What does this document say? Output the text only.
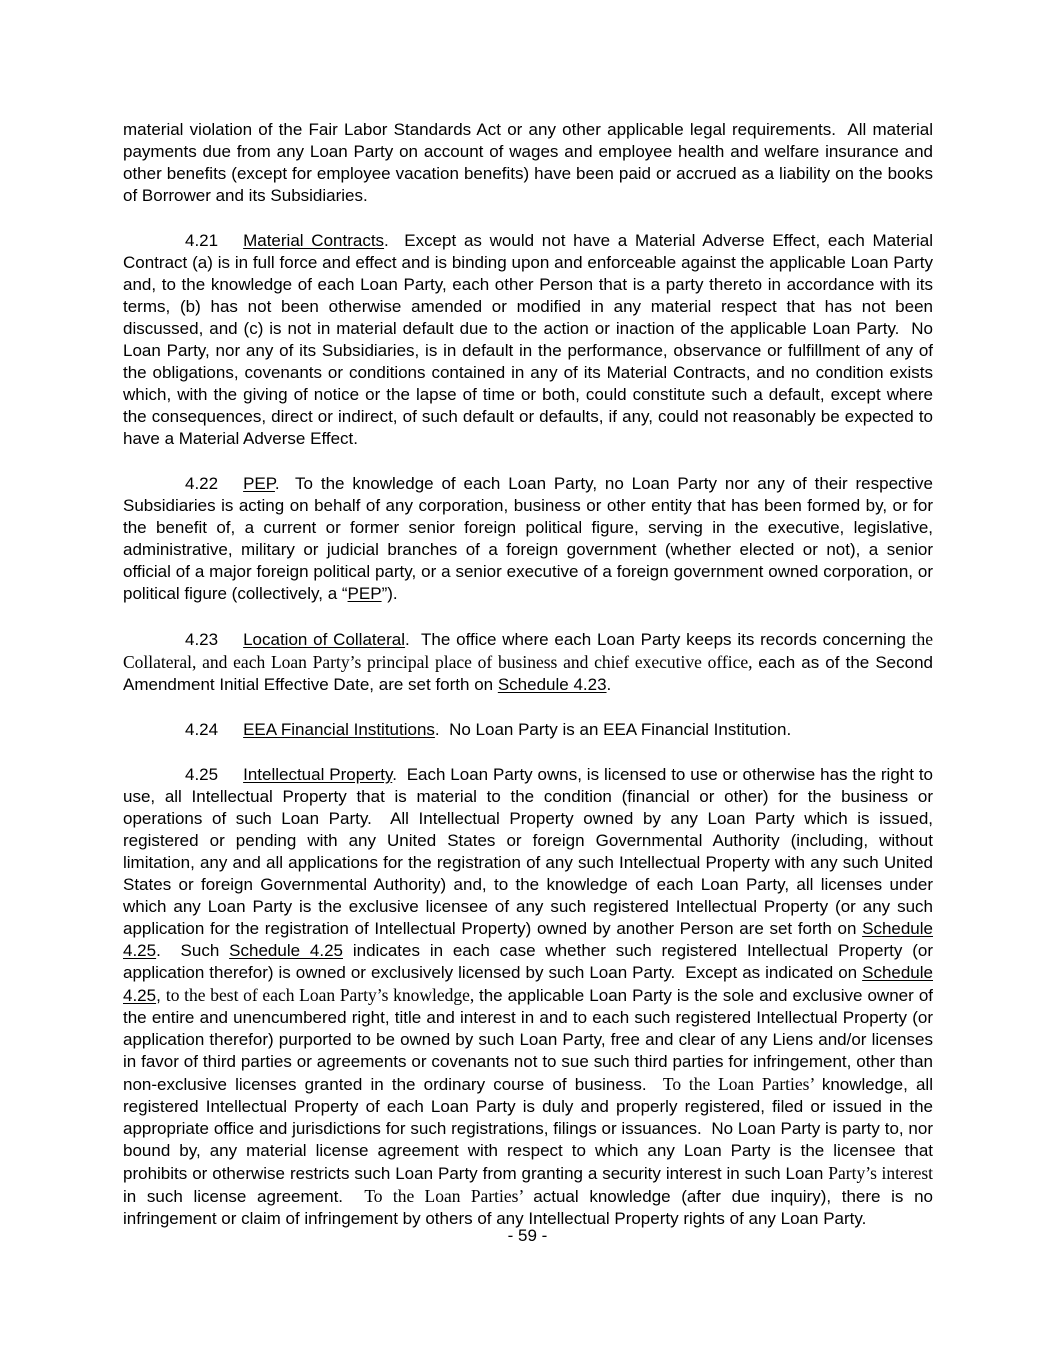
material violation of the Fair Labor Standards Act or any other applicable legal requirements.  All material payments due from any Loan Party on account of wages and employee health and welfare insurance and other benefits (except for employee vacation benefits) have been paid or accrued as a liability on the books of Borrower and its Subsidiaries.

4.21 Material Contracts.  Except as would not have a Material Adverse Effect, each Material Contract (a) is in full force and effect and is binding upon and enforceable against the applicable Loan Party and, to the knowledge of each Loan Party, each other Person that is a party thereto in accordance with its terms, (b) has not been otherwise amended or modified in any material respect that has not been discussed, and (c) is not in material default due to the action or inaction of the applicable Loan Party.  No Loan Party, nor any of its Subsidiaries, is in default in the performance, observance or fulfillment of any of the obligations, covenants or conditions contained in any of its Material Contracts, and no condition exists which, with the giving of notice or the lapse of time or both, could constitute such a default, except where the consequences, direct or indirect, of such default or defaults, if any, could not reasonably be expected to have a Material Adverse Effect.

4.22 PEP.  To the knowledge of each Loan Party, no Loan Party nor any of their respective Subsidiaries is acting on behalf of any corporation, business or other entity that has been formed by, or for the benefit of, a current or former senior foreign political figure, serving in the executive, legislative, administrative, military or judicial branches of a foreign government (whether elected or not), a senior official of a major foreign political party, or a senior executive of a foreign government owned corporation, or political figure (collectively, a “PEP”).

4.23 Location of Collateral.  The office where each Loan Party keeps its records concerning the Collateral, and each Loan Party’s principal place of business and chief executive office, each as of the Second Amendment Initial Effective Date, are set forth on Schedule 4.23.

4.24 EEA Financial Institutions.  No Loan Party is an EEA Financial Institution.

4.25 Intellectual Property.  Each Loan Party owns, is licensed to use or otherwise has the right to use, all Intellectual Property that is material to the condition (financial or other) for the business or operations of such Loan Party.  All Intellectual Property owned by any Loan Party which is issued, registered or pending with any United States or foreign Governmental Authority (including, without limitation, any and all applications for the registration of any such Intellectual Property with any such United States or foreign Governmental Authority) and, to the knowledge of each Loan Party, all licenses under which any Loan Party is the exclusive licensee of any such registered Intellectual Property (or any such application for the registration of Intellectual Property) owned by another Person are set forth on Schedule 4.25.  Such Schedule 4.25 indicates in each case whether such registered Intellectual Property (or application therefor) is owned or exclusively licensed by such Loan Party.  Except as indicated on Schedule 4.25, to the best of each Loan Party’s knowledge, the applicable Loan Party is the sole and exclusive owner of the entire and unencumbered right, title and interest in and to each such registered Intellectual Property (or application therefor) purported to be owned by such Loan Party, free and clear of any Liens and/or licenses in favor of third parties or agreements or covenants not to sue such third parties for infringement, other than non-exclusive licenses granted in the ordinary course of business.  To the Loan Parties’ knowledge, all registered Intellectual Property of each Loan Party is duly and properly registered, filed or issued in the appropriate office and jurisdictions for such registrations, filings or issuances.  No Loan Party is party to, nor bound by, any material license agreement with respect to which any Loan Party is the licensee that prohibits or otherwise restricts such Loan Party from granting a security interest in such Loan Party’s interest in such license agreement.  To the Loan Parties’ actual knowledge (after due inquiry), there is no infringement or claim of infringement by others of any Intellectual Property rights of any Loan Party.

- 59 -
